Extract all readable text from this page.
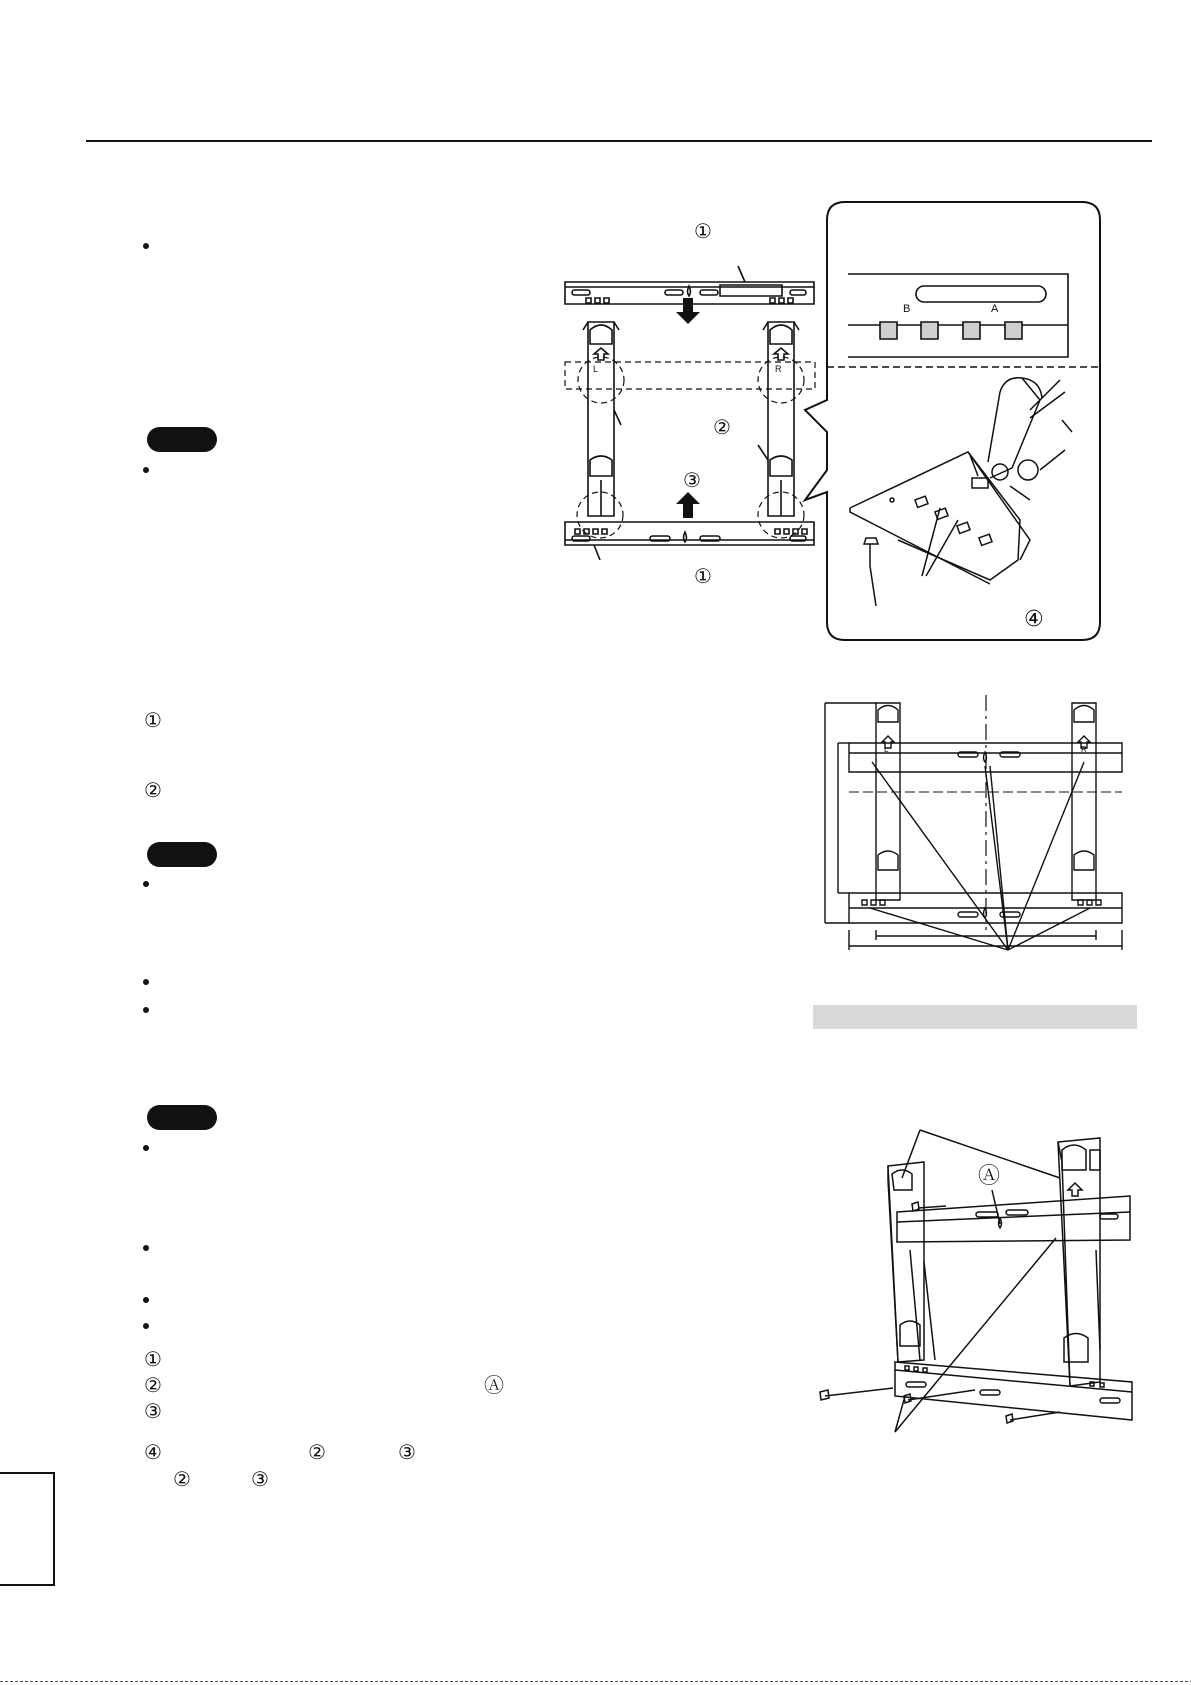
①
②
①
②	Ⓐ
③
④	②	③
②	③
①
②
③
①
L	R
B	A
④
L	R
Ⓐ
